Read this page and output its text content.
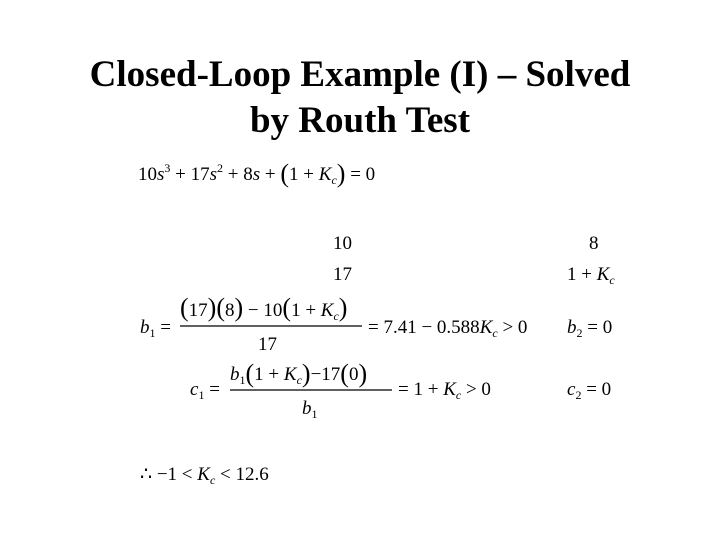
Closed-Loop Example (I) – Solved
by Routh Test
$10s^3 + 17s^2 + 8s + (1 + K_c) = 0$
10	8
17	$1 + K_c$
$b_1$ =
$(17)(8) - 10(1 + K_c)$
17
= $7.41 - 0.588K_c > 0$ $b_2 = 0$
$c_1$ =
$b_1(1 + K_c)-17(0)$
$b_1$
= $1 + K_c > 0$	$c_2 = 0$
∴ $-1 < K_c < 12.6$
